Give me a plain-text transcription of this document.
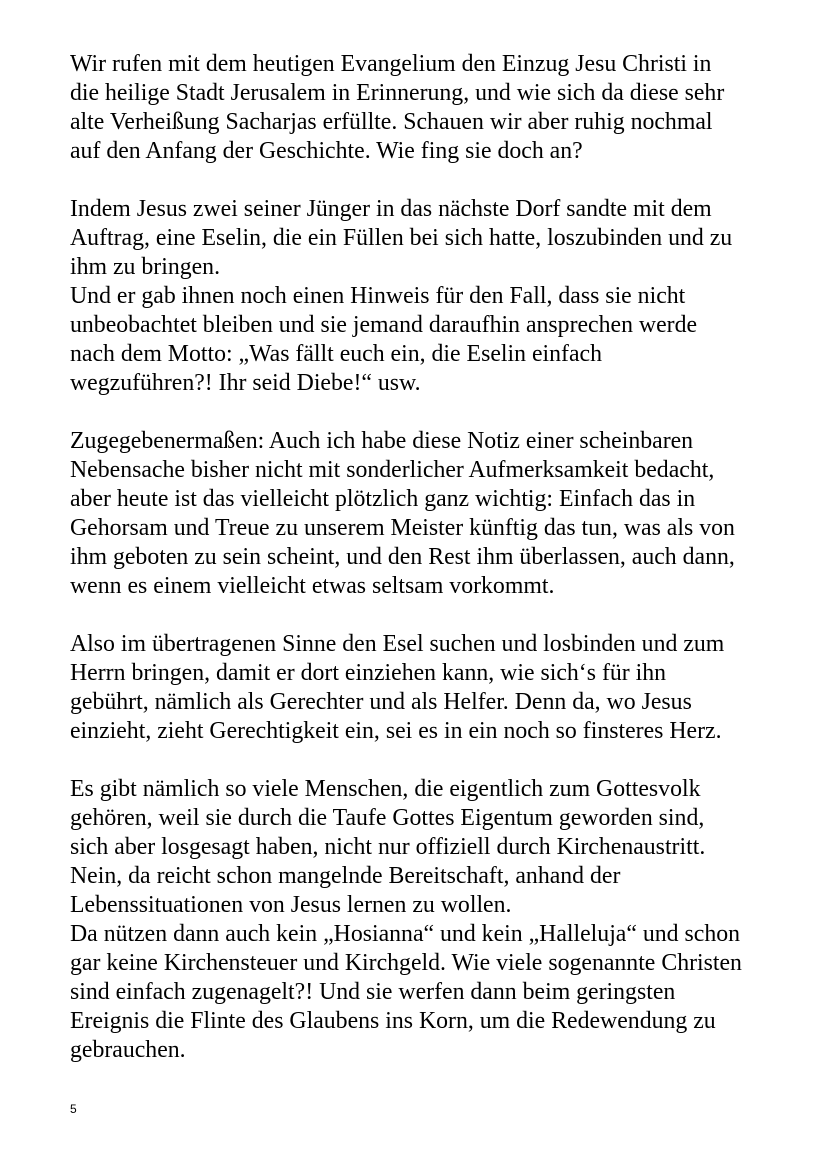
Wir rufen mit dem heutigen Evangelium den Einzug Jesu Christi in
die heilige Stadt Jerusalem in Erinnerung, und wie sich da diese sehr
alte Verheißung Sacharjas erfüllte. Schauen wir aber ruhig nochmal
auf den Anfang der Geschichte. Wie fing sie doch an?
Indem Jesus zwei seiner Jünger in das nächste Dorf sandte mit dem
Auftrag, eine Eselin, die ein Füllen bei sich hatte, loszubinden und zu
ihm zu bringen.
Und er gab ihnen noch einen Hinweis für den Fall, dass sie nicht
unbeobachtet bleiben und sie jemand daraufhin ansprechen werde
nach dem Motto: „Was fällt euch ein, die Eselin einfach
wegzuführen?! Ihr seid Diebe!“ usw.
Zugegebenermaßen: Auch ich habe diese Notiz einer scheinbaren
Nebensache bisher nicht mit sonderlicher Aufmerksamkeit bedacht,
aber heute ist das vielleicht plötzlich ganz wichtig: Einfach das in
Gehorsam und Treue zu unserem Meister künftig das tun, was als von
ihm geboten zu sein scheint, und den Rest ihm überlassen, auch dann,
wenn es einem vielleicht etwas seltsam vorkommt.
Also im übertragenen Sinne den Esel suchen und losbinden und zum
Herrn bringen, damit er dort einziehen kann, wie sich‘s für ihn
gebührt, nämlich als Gerechter und als Helfer. Denn da, wo Jesus
einzieht, zieht Gerechtigkeit ein, sei es in ein noch so finsteres Herz.
Es gibt nämlich so viele Menschen, die eigentlich zum Gottesvolk
gehören, weil sie durch die Taufe Gottes Eigentum geworden sind,
sich aber losgesagt haben, nicht nur offiziell durch Kirchenaustritt.
Nein, da reicht schon mangelnde Bereitschaft, anhand der
Lebenssituationen von Jesus lernen zu wollen.
Da nützen dann auch kein „Hosianna“ und kein „Halleluja“ und schon
gar keine Kirchensteuer und Kirchgeld. Wie viele sogenannte Christen
sind einfach zugenagelt?! Und sie werfen dann beim geringsten
Ereignis die Flinte des Glaubens ins Korn, um die Redewendung zu
gebrauchen.
5
